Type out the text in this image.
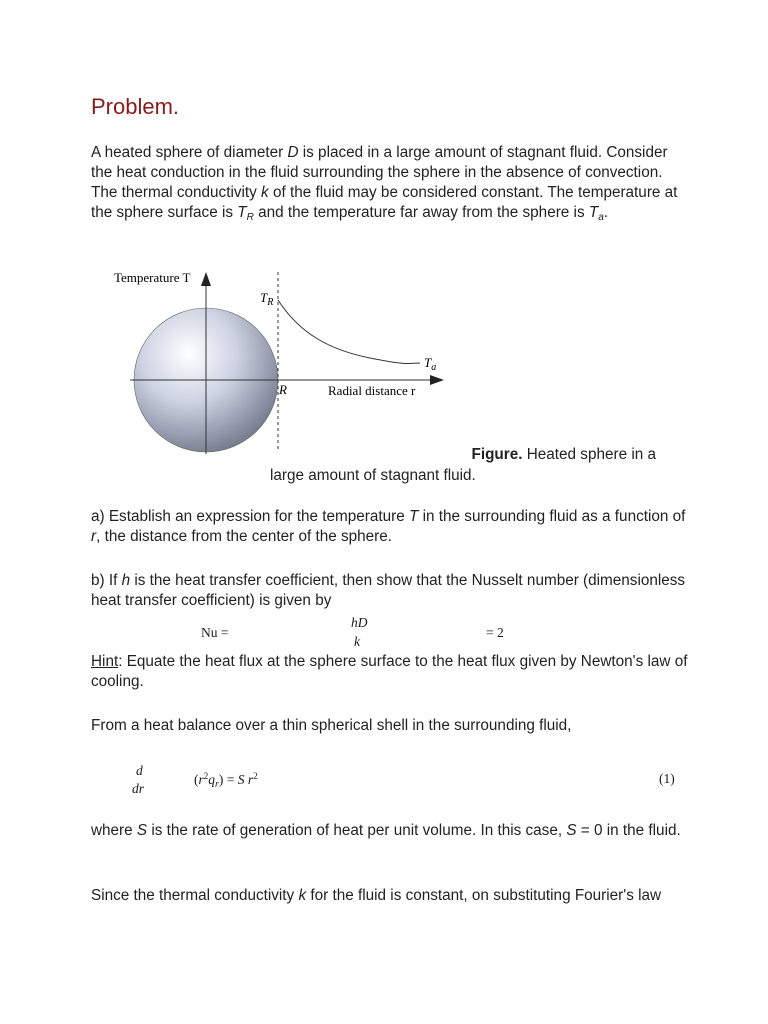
Problem.
A heated sphere of diameter D is placed in a large amount of stagnant fluid. Consider the heat conduction in the fluid surrounding the sphere in the absence of convection. The thermal conductivity k of the fluid may be considered constant. The temperature at the sphere surface is $T_R$ and the temperature far away from the sphere is $T_a$.
Temperature T
$T_R$
$T_a$
R	Radial distance r
Figure. Heated sphere in a
large amount of stagnant fluid.
a) Establish an expression for the temperature T in the surrounding fluid as a function of r, the distance from the center of the sphere.
b) If h is the heat transfer coefficient, then show that the Nusselt number (dimensionless heat transfer coefficient) is given by
Nu =
hD
k
= 2
Hint: Equate the heat flux at the sphere surface to the heat flux given by Newton's law of cooling.
From a heat balance over a thin spherical shell in the surrounding fluid,
d
dr
$(r^2q_r) = S$ $r^2$	(1)
where S is the rate of generation of heat per unit volume. In this case, S = 0 in the fluid.
Since the thermal conductivity k for the fluid is constant, on substituting Fourier's law
